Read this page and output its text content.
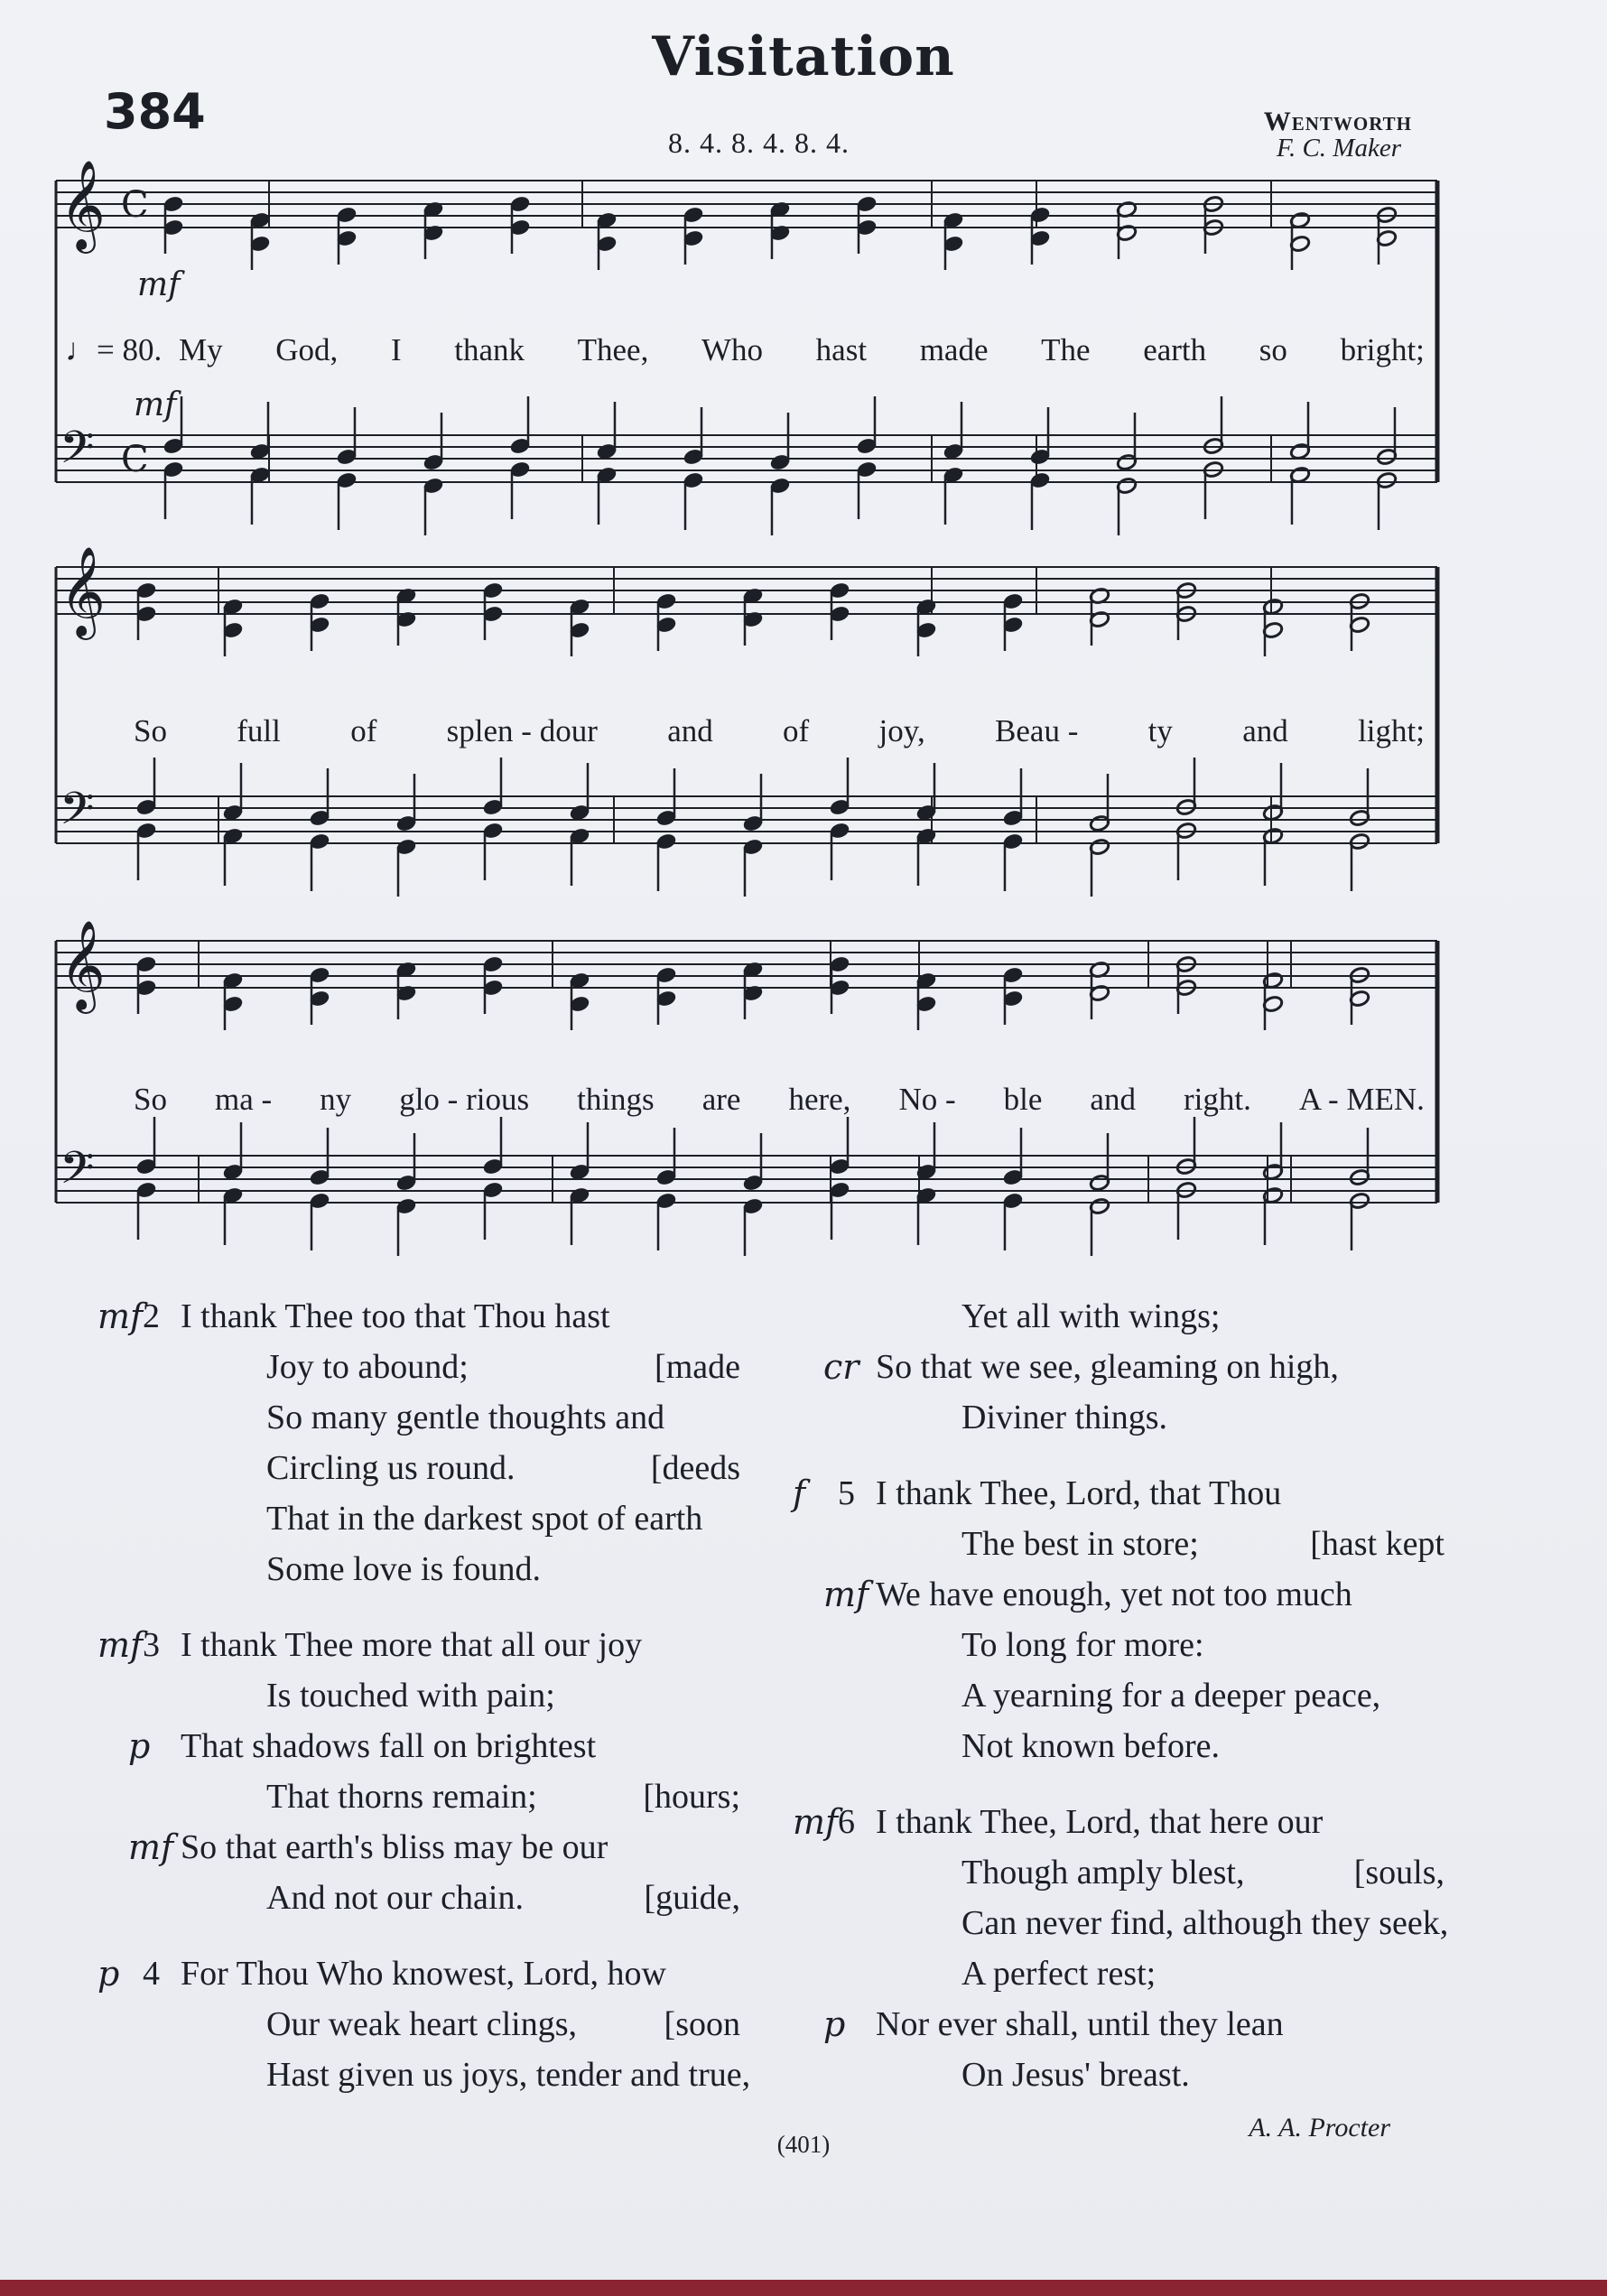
Visitation
384
8. 4. 8. 4. 8. 4.
Wentworth
F. C. Maker
𝄞
𝄢
C
C
𝄞
𝄢
𝄞
𝄢
mf
mf
♩= 80. My God, I thank Thee, Who hast made The earth so bright;
So full of splen - dour and of joy, Beau - ty and light;
So ma - ny glo - rious things are here, No - ble and right. A - MEN.
mf 2 I thank Thee too that Thou hast
Joy to abound;	[made
So many gentle thoughts and
Circling us round.	[deeds
That in the darkest spot of earth
Some love is found.
mf 3 I thank Thee more that all our joy
Is touched with pain;
p That shadows fall on brightest
That thorns remain;	[hours;
mf So that earth's bliss may be our
And not our chain.	[guide,
p 4 For Thou Who knowest, Lord, how
Our weak heart clings,	[soon
Hast given us joys, tender and true,
Yet all with wings;
cr So that we see, gleaming on high,
Diviner things.
f 5 I thank Thee, Lord, that Thou
The best in store;	[hast kept
mf We have enough, yet not too much
To long for more:
A yearning for a deeper peace,
Not known before.
mf 6 I thank Thee, Lord, that here our
Though amply blest,	[souls,
Can never find, although they seek,
A perfect rest;
p Nor ever shall, until they lean
On Jesus' breast.
(401)
A. A. Procter
